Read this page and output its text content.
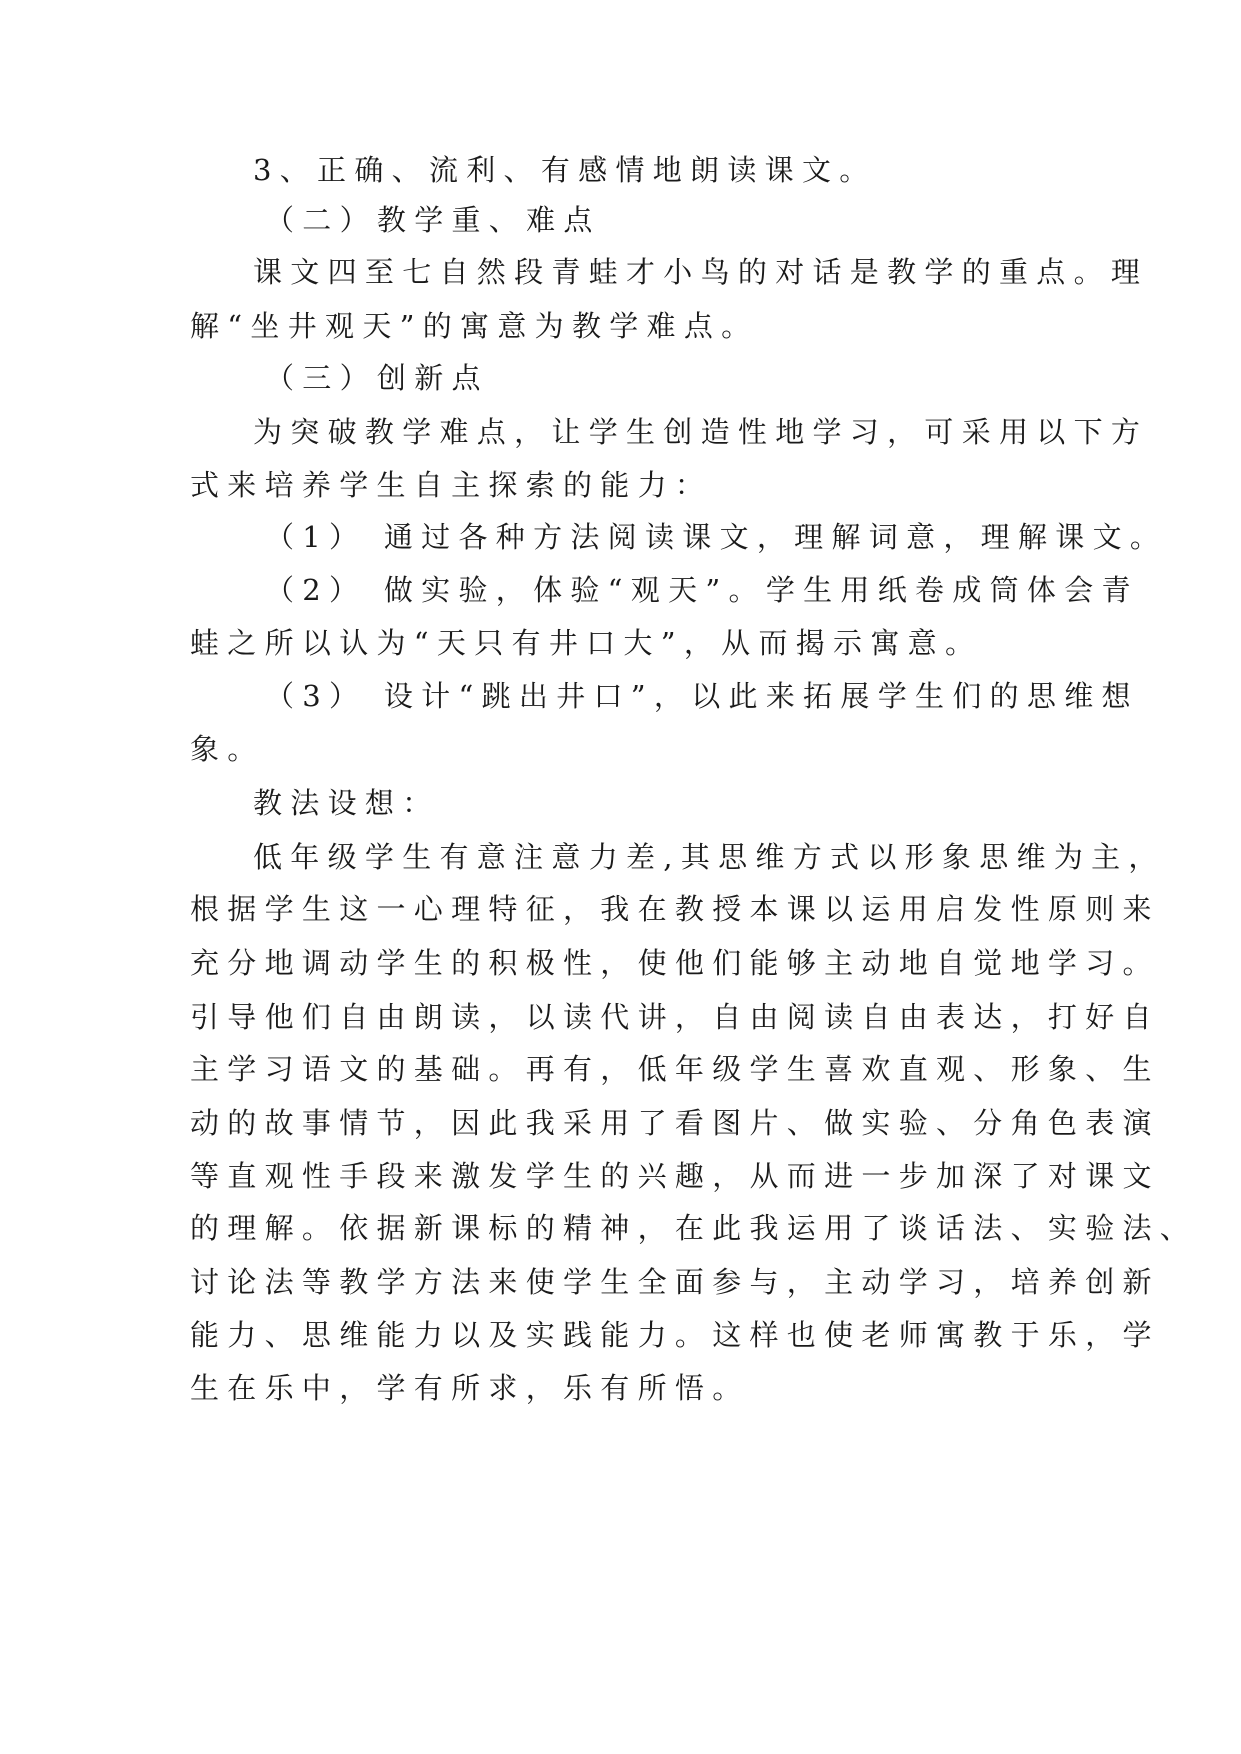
3、正确、流利、有感情地朗读课文。
（二）教学重、难点
课文四至七自然段青蛙才小鸟的对话是教学的重点。理
解“坐井观天”的寓意为教学难点。
（三）创新点
为突破教学难点，让学生创造性地学习，可采用以下方
式来培养学生自主探索的能力：
（1） 通过各种方法阅读课文，理解词意，理解课文。
（2） 做实验，体验“观天”。学生用纸卷成筒体会青
蛙之所以认为“天只有井口大”，从而揭示寓意。
（3） 设计“跳出井口”，以此来拓展学生们的思维想
象。
教法设想：
低年级学生有意注意力差,其思维方式以形象思维为主，
根据学生这一心理特征，我在教授本课以运用启发性原则来
充分地调动学生的积极性，使他们能够主动地自觉地学习。
引导他们自由朗读，以读代讲，自由阅读自由表达，打好自
主学习语文的基础。再有，低年级学生喜欢直观、形象、生
动的故事情节，因此我采用了看图片、做实验、分角色表演
等直观性手段来激发学生的兴趣，从而进一步加深了对课文
的理解。依据新课标的精神，在此我运用了谈话法、实验法、
讨论法等教学方法来使学生全面参与，主动学习，培养创新
能力、思维能力以及实践能力。这样也使老师寓教于乐，学
生在乐中，学有所求，乐有所悟。
